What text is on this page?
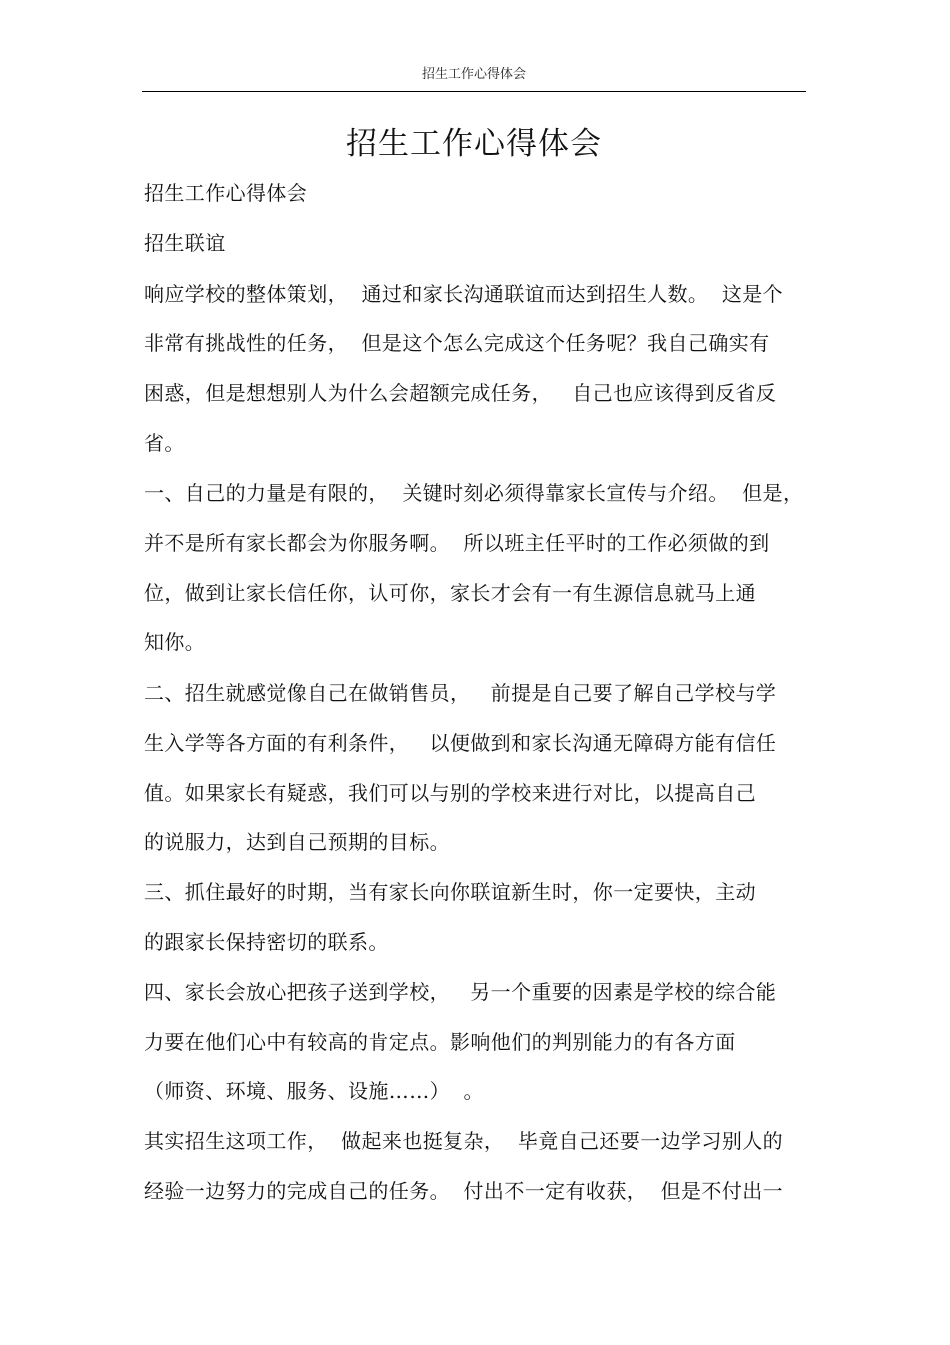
招生工作心得体会
招生工作心得体会
招生工作心得体会
招生联谊
响应学校的整体策划，  通过和家长沟通联谊而达到招生人数。  这是个
非常有挑战性的任务，  但是这个怎么完成这个任务呢？我自己确实有
困惑，但是想想别人为什么会超额完成任务，   自己也应该得到反省反
省。
一、自己的力量是有限的，  关键时刻必须得靠家长宣传与介绍。  但是，
并不是所有家长都会为你服务啊。  所以班主任平时的工作必须做的到
位，做到让家长信任你，认可你，家长才会有一有生源信息就马上通
知你。
二、招生就感觉像自己在做销售员，   前提是自己要了解自己学校与学
生入学等各方面的有利条件，   以便做到和家长沟通无障碍方能有信任
值。如果家长有疑惑，我们可以与别的学校来进行对比，以提高自己
的说服力，达到自己预期的目标。
三、抓住最好的时期，当有家长向你联谊新生时，你一定要快，主动
的跟家长保持密切的联系。
四、家长会放心把孩子送到学校，   另一个重要的因素是学校的综合能
力要在他们心中有较高的肯定点。影响他们的判别能力的有各方面
（师资、环境、服务、设施……）  。
其实招生这项工作，  做起来也挺复杂，  毕竟自己还要一边学习别人的
经验一边努力的完成自己的任务。  付出不一定有收获，  但是不付出一
